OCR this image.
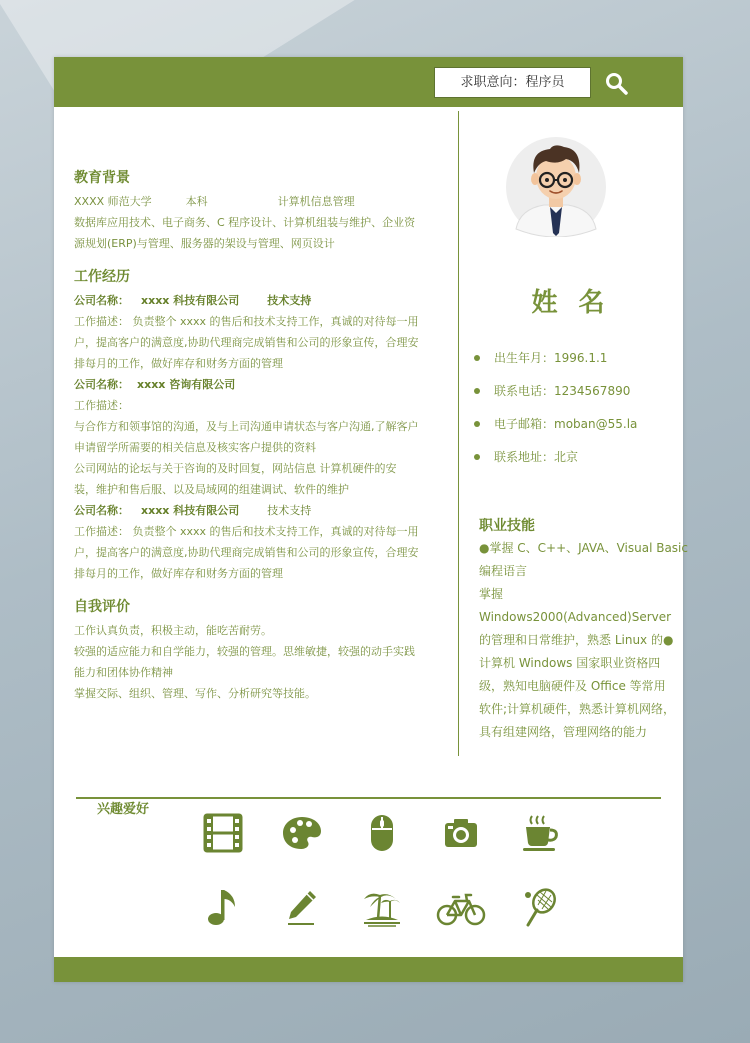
求职意向：程序员
教育背景

XXXX 师范大学	本科	计算机信息管理

数据库应用技术、电子商务、C 程序设计、计算机组装与维护、企业资

源规划(ERP)与管理、服务器的架设与管理、网页设计

工作经历

公司名称： xxxx 科技有限公司	技术支持

工作描述： 负责整个 xxxx 的售后和技术支持工作，真诚的对待每一用

户，提高客户的满意度,协助代理商完成销售和公司的形象宣传，合理安

排每月的工作，做好库存和财务方面的管理

公司名称： xxxx 咨询有限公司

工作描述：

与合作方和领事馆的沟通，及与上司沟通申请状态与客户沟通,了解客户

申请留学所需要的相关信息及核实客户提供的资料

公司网站的论坛与关于咨询的及时回复，网站信息 计算机硬件的安

装，维护和售后服、以及局域网的组建调试、软件的维护

公司名称： xxxx 科技有限公司	技术支持

工作描述： 负责整个 xxxx 的售后和技术支持工作，真诚的对待每一用

户，提高客户的满意度,协助代理商完成销售和公司的形象宣传，合理安

排每月的工作，做好库存和财务方面的管理

自我评价

工作认真负责，积极主动，能吃苦耐劳。

较强的适应能力和自学能力，较强的管理。思维敏捷，较强的动手实践

能力和团体协作精神

掌握交际、组织、管理、写作、分析研究等技能。

姓 名
出生年月：1996.1.1
联系电话：1234567890
电子邮箱：moban@55.la
联系地址：北京
职业技能

●掌握 C、C++、JAVA、Visual Basic

编程语言

掌握

Windows2000(Advanced)Server

的管理和日常维护，熟悉 Linux 的●

计算机 Windows 国家职业资格四

级，熟知电脑硬件及 Office 等常用

软件;计算机硬件，熟悉计算机网络，

具有组建网络，管理网络的能力

兴趣爱好
